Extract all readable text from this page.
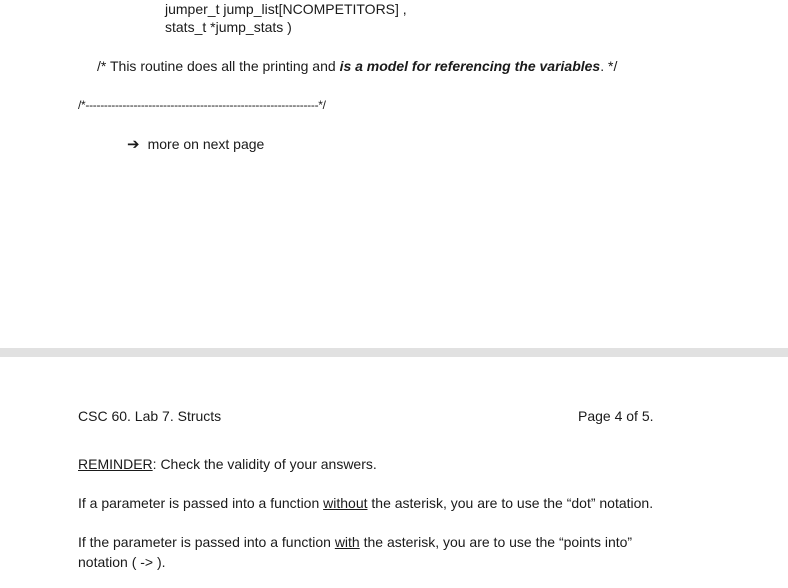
jumper_t jump_list[NCOMPETITORS] ,
stats_t *jump_stats )
/* This routine does all the printing and is a model for referencing the variables. */
/*---------------------------------------------------------------*/
➔ more on next page
CSC 60. Lab 7. Structs	Page 4 of 5.
REMINDER: Check the validity of your answers.
If a parameter is passed into a function without the asterisk, you are to use the “dot” notation.
If the parameter is passed into a function with the asterisk, you are to use the “points into”
notation ( -> ).
